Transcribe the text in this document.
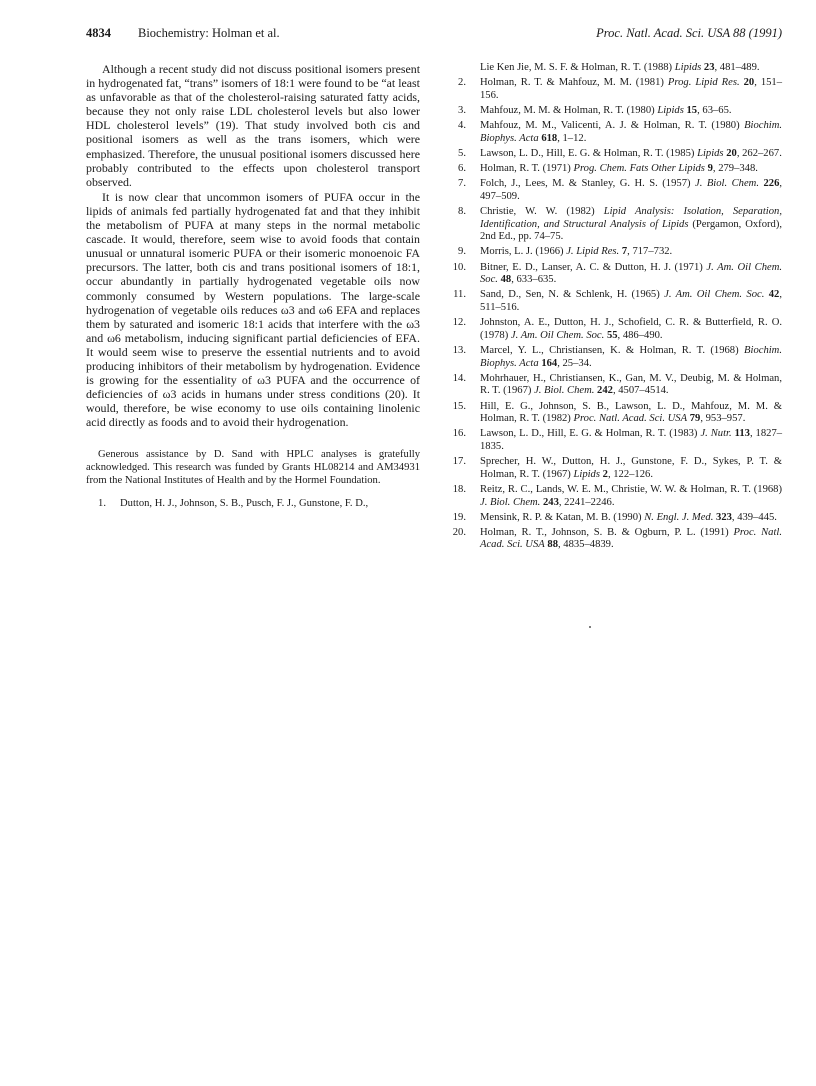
4834 Biochemistry: Holman et al.	Proc. Natl. Acad. Sci. USA 88 (1991)

Although a recent study did not discuss positional isomers present in hydrogenated fat, “trans” isomers of 18:1 were found to be “at least as unfavorable as that of the cholesterol-raising saturated fatty acids, because they not only raise LDL cholesterol levels but also lower HDL cholesterol levels” (19). That study involved both cis and positional isomers as well as the trans isomers, which were emphasized. Therefore, the unusual positional isomers discussed here probably contributed to the effects upon cholesterol transport observed.

It is now clear that uncommon isomers of PUFA occur in the lipids of animals fed partially hydrogenated fat and that they inhibit the metabolism of PUFA at many steps in the normal metabolic cascade. It would, therefore, seem wise to avoid foods that contain unusual or unnatural isomeric PUFA or their isomeric monoenoic FA precursors. The latter, both cis and trans positional isomers of 18:1, occur abundantly in partially hydrogenated vegetable oils now commonly consumed by Western populations. The large-scale hydrogenation of vegetable oils reduces ω3 and ω6 EFA and replaces them by saturated and isomeric 18:1 acids that interfere with the ω3 and ω6 metabolism, inducing significant partial deficiencies of EFA. It would seem wise to preserve the essential nutrients and to avoid producing inhibitors of their metabolism by hydrogenation. Evidence is growing for the essentiality of ω3 PUFA and the occurrence of deficiencies of ω3 acids in humans under stress conditions (20). It would, therefore, be wise economy to use oils containing linolenic acid directly as foods and to avoid their hydrogenation.

Generous assistance by D. Sand with HPLC analyses is gratefully acknowledged. This research was funded by Grants HL08214 and AM34931 from the National Institutes of Health and by the Hormel Foundation.

1. Dutton, H. J., Johnson, S. B., Pusch, F. J., Gunstone, F. D.,
Lie Ken Jie, M. S. F. & Holman, R. T. (1988) Lipids 23, 481–489.
2. Holman, R. T. & Mahfouz, M. M. (1981) Prog. Lipid Res. 20, 151–156.
3. Mahfouz, M. M. & Holman, R. T. (1980) Lipids 15, 63–65.
4. Mahfouz, M. M., Valicenti, A. J. & Holman, R. T. (1980) Biochim. Biophys. Acta 618, 1–12.
5. Lawson, L. D., Hill, E. G. & Holman, R. T. (1985) Lipids 20, 262–267.
6. Holman, R. T. (1971) Prog. Chem. Fats Other Lipids 9, 279–348.
7. Folch, J., Lees, M. & Stanley, G. H. S. (1957) J. Biol. Chem. 226, 497–509.
8. Christie, W. W. (1982) Lipid Analysis: Isolation, Separation, Identification, and Structural Analysis of Lipids (Pergamon, Oxford), 2nd Ed., pp. 74–75.
9. Morris, L. J. (1966) J. Lipid Res. 7, 717–732.
10. Bitner, E. D., Lanser, A. C. & Dutton, H. J. (1971) J. Am. Oil Chem. Soc. 48, 633–635.
11. Sand, D., Sen, N. & Schlenk, H. (1965) J. Am. Oil Chem. Soc. 42, 511–516.
12. Johnston, A. E., Dutton, H. J., Schofield, C. R. & Butterfield, R. O. (1978) J. Am. Oil Chem. Soc. 55, 486–490.
13. Marcel, Y. L., Christiansen, K. & Holman, R. T. (1968) Biochim. Biophys. Acta 164, 25–34.
14. Mohrhauer, H., Christiansen, K., Gan, M. V., Deubig, M. & Holman, R. T. (1967) J. Biol. Chem. 242, 4507–4514.
15. Hill, E. G., Johnson, S. B., Lawson, L. D., Mahfouz, M. M. & Holman, R. T. (1982) Proc. Natl. Acad. Sci. USA 79, 953–957.
16. Lawson, L. D., Hill, E. G. & Holman, R. T. (1983) J. Nutr. 113, 1827–1835.
17. Sprecher, H. W., Dutton, H. J., Gunstone, F. D., Sykes, P. T. & Holman, R. T. (1967) Lipids 2, 122–126.
18. Reitz, R. C., Lands, W. E. M., Christie, W. W. & Holman, R. T. (1968) J. Biol. Chem. 243, 2241–2246.
19. Mensink, R. P. & Katan, M. B. (1990) N. Engl. J. Med. 323, 439–445.
20. Holman, R. T., Johnson, S. B. & Ogburn, P. L. (1991) Proc. Natl. Acad. Sci. USA 88, 4835–4839.
